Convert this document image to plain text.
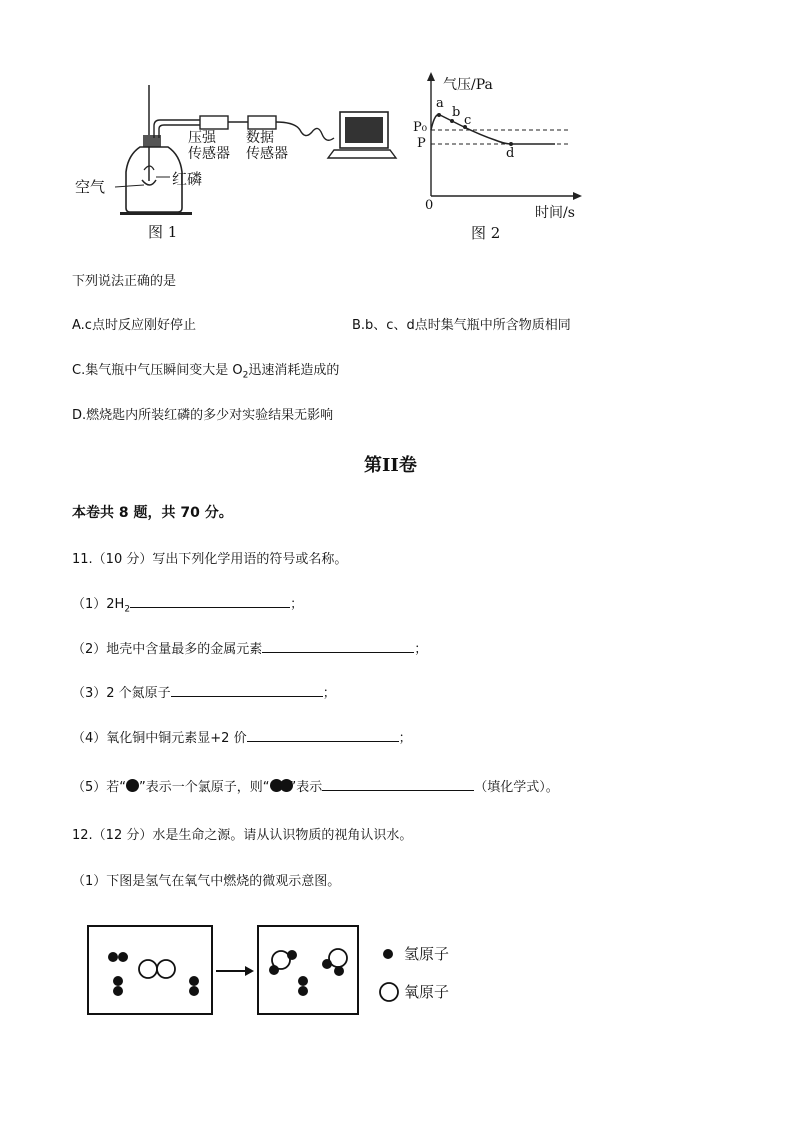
空气	红磷
压强
传感器
数据
传感器
图 1
气压/Pa
时间/s
0
P₀
P
a
b
c
d
图 2
下列说法正确的是
A.c点时反应刚好停止	B.b、c、d点时集气瓶中所含物质相同
C.集气瓶中气压瞬间变大是 $O_2$迅速消耗造成的
D.燃烧匙内所装红磷的多少对实验结果无影响
第II卷
本卷共 8 题，共 70 分。
11.（10 分）写出下列化学用语的符号或名称。
$(1)2H_2$	；
（2）地壳中含量最多的金属元素	；
（3）2 个氮原子	；
（4）氧化铜中铜元素显+2 价	；
（5）若“ ”表示一个氯原子，则“ ”表示	（填化学式）。
12.（12 分）水是生命之源。请从认识物质的视角认识水。
（1）下图是氢气在氧气中燃烧的微观示意图。
氢原子
氧原子
